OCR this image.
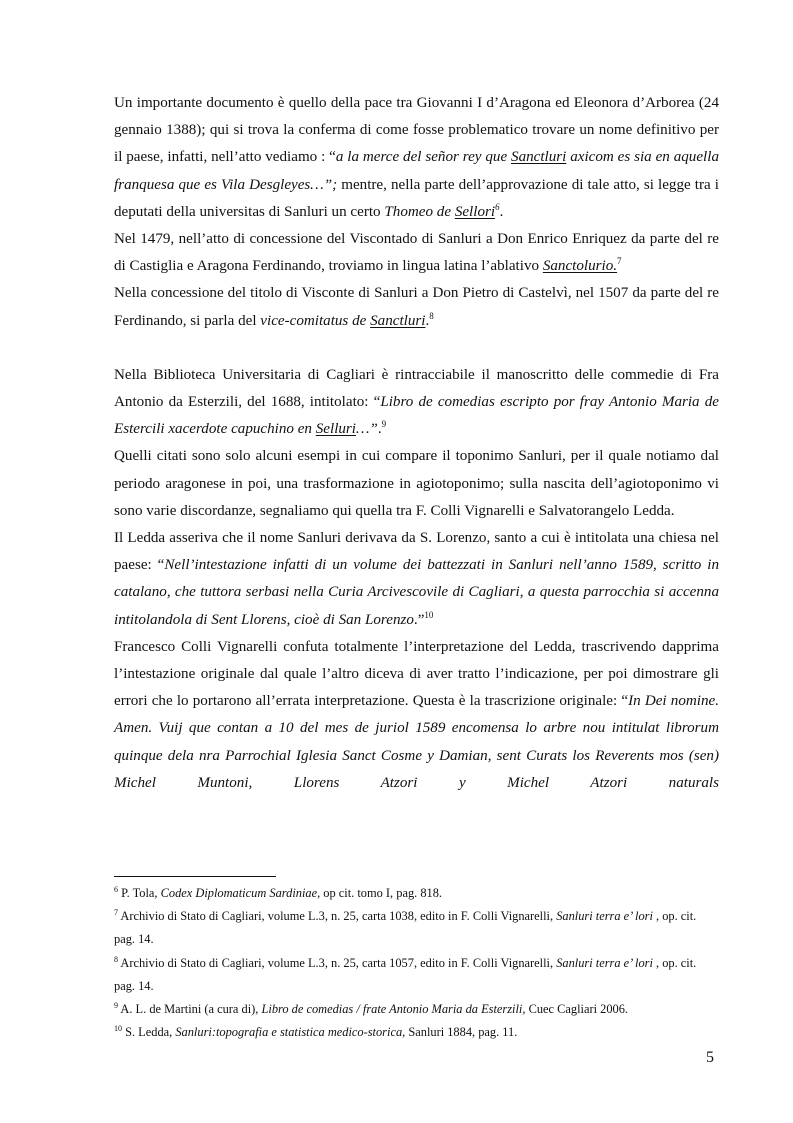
Un importante documento è quello della pace tra Giovanni I d’Aragona ed Eleonora d’Arborea (24 gennaio 1388); qui si trova la conferma di come fosse problematico trovare un nome definitivo per il paese, infatti, nell’atto vediamo : “a la merce del señor rey que Sanctluri axicom es sia en aquella franquesa que es Vila Desgleyes…”; mentre, nella parte dell’approvazione di tale atto, si legge tra i deputati della universitas di Sanluri un certo Thomeo de Sellori$^6$.

Nel 1479, nell’atto di concessione del Viscontado di Sanluri a Don Enrico Enriquez da parte del re di Castiglia e Aragona Ferdinando, troviamo in lingua latina l’ablativo Sanctolurio.$^7$

Nella concessione del titolo di Visconte di Sanluri a Don Pietro di Castelvì, nel 1507 da parte del re Ferdinando, si parla del vice-comitatus de Sanctluri.$^8$

Nella Biblioteca Universitaria di Cagliari è rintracciabile il manoscritto delle commedie di Fra Antonio da Esterzili, del 1688, intitolato: “Libro de comedias escripto por fray Antonio Maria de Estercili xacerdote capuchino en Selluri…”.$^9$

Quelli citati sono solo alcuni esempi in cui compare il toponimo Sanluri, per il quale notiamo dal periodo aragonese in poi, una trasformazione in agiotoponimo; sulla nascita dell’agiotoponimo vi sono varie discordanze, segnaliamo qui quella tra F. Colli Vignarelli e Salvatorangelo Ledda.

Il Ledda asseriva che il nome Sanluri derivava da S. Lorenzo, santo a cui è intitolata una chiesa nel paese: “Nell’intestazione infatti di un volume dei battezzati in Sanluri nell’anno 1589, scritto in catalano, che tuttora serbasi nella Curia Arcivescovile di Cagliari, a questa parrocchia si accenna intitolandola di Sent Llorens, cioè di San Lorenzo.”$^{10}$

Francesco Colli Vignarelli confuta totalmente l’interpretazione del Ledda, trascrivendo dapprima l’intestazione originale dal quale l’altro diceva di aver tratto l’indicazione, per poi dimostrare gli errori che lo portarono all’errata interpretazione. Questa è la trascrizione originale: “In Dei nomine. Amen. Vuij que contan a 10 del mes de juriol 1589 encomensa lo arbre nou intitulat librorum quinque dela nra Parrochial Iglesia Sanct Cosme y Damian, sent Curats los Reverents mos (sen) Michel Muntoni, Llorens Atzori y Michel Atzori naturals

$^6$ P. Tola, Codex Diplomaticum Sardiniae, op cit. tomo I, pag. 818.

$^7$ Archivio di Stato di Cagliari, volume L.3, n. 25, carta 1038, edito in F. Colli Vignarelli, Sanluri terra e’ lori , op. cit. pag. 14.

$^8$ Archivio di Stato di Cagliari, volume L.3, n. 25, carta 1057, edito in F. Colli Vignarelli, Sanluri terra e’ lori , op. cit. pag. 14.

$^9$ A. L. de Martini (a cura di), Libro de comedias / frate Antonio Maria da Esterzili, Cuec Cagliari 2006.

$^{10}$ S. Ledda, Sanluri:topografia e statistica medico-storica, Sanluri 1884, pag. 11.

5
